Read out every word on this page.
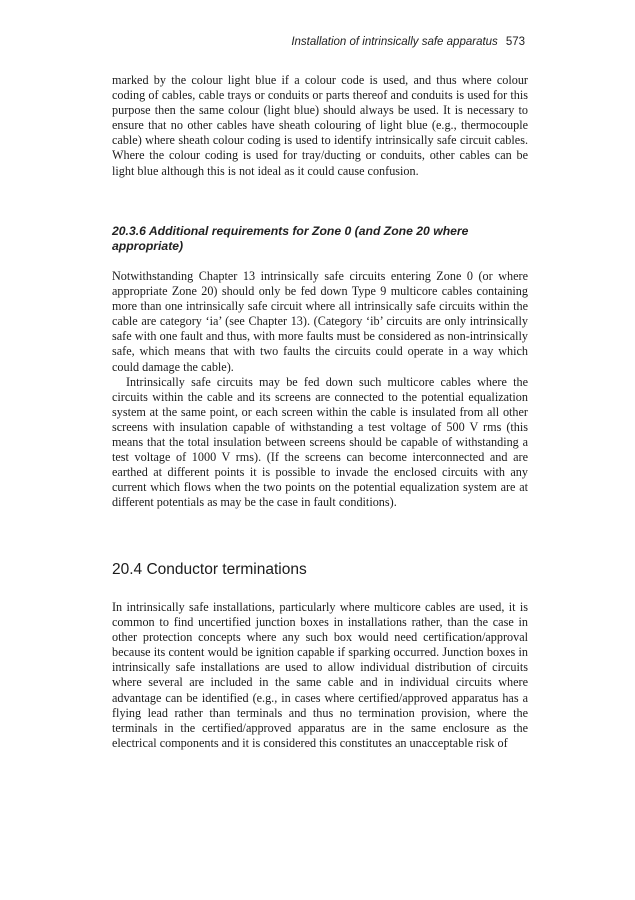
Installation of intrinsically safe apparatus 573

marked by the colour light blue if a colour code is used, and thus where colour coding of cables, cable trays or conduits or parts thereof and conduits is used for this purpose then the same colour (light blue) should always be used. It is necessary to ensure that no other cables have sheath colouring of light blue (e.g., thermocouple cable) where sheath colour coding is used to identify intrinsically safe circuit cables. Where the colour coding is used for tray/ducting or conduits, other cables can be light blue although this is not ideal as it could cause confusion.

20.3.6 Additional requirements for Zone 0 (and Zone 20 where appropriate)

Notwithstanding Chapter 13 intrinsically safe circuits entering Zone 0 (or where appropriate Zone 20) should only be fed down Type 9 multicore cables containing more than one intrinsically safe circuit where all intrinsically safe circuits within the cable are category ‘ia’ (see Chapter 13). (Category ‘ib’ circuits are only intrinsically safe with one fault and thus, with more faults must be considered as non-intrinsically safe, which means that with two faults the circuits could operate in a way which could damage the cable).

Intrinsically safe circuits may be fed down such multicore cables where the circuits within the cable and its screens are connected to the potential equalization system at the same point, or each screen within the cable is insulated from all other screens with insulation capable of withstanding a test voltage of 500 V rms (this means that the total insulation between screens should be capable of withstanding a test voltage of 1000 V rms). (If the screens can become interconnected and are earthed at different points it is possible to invade the enclosed circuits with any current which flows when the two points on the potential equalization system are at different potentials as may be the case in fault conditions).

20.4 Conductor terminations

In intrinsically safe installations, particularly where multicore cables are used, it is common to find uncertified junction boxes in installations rather, than the case in other protection concepts where any such box would need certification/approval because its content would be ignition capable if sparking occurred. Junction boxes in intrinsically safe installations are used to allow individual distribution of circuits where several are included in the same cable and in individual circuits where advantage can be identified (e.g., in cases where certified/approved apparatus has a flying lead rather than terminals and thus no termination provision, where the terminals in the certified/approved apparatus are in the same enclosure as the electrical components and it is considered this constitutes an unacceptable risk of
